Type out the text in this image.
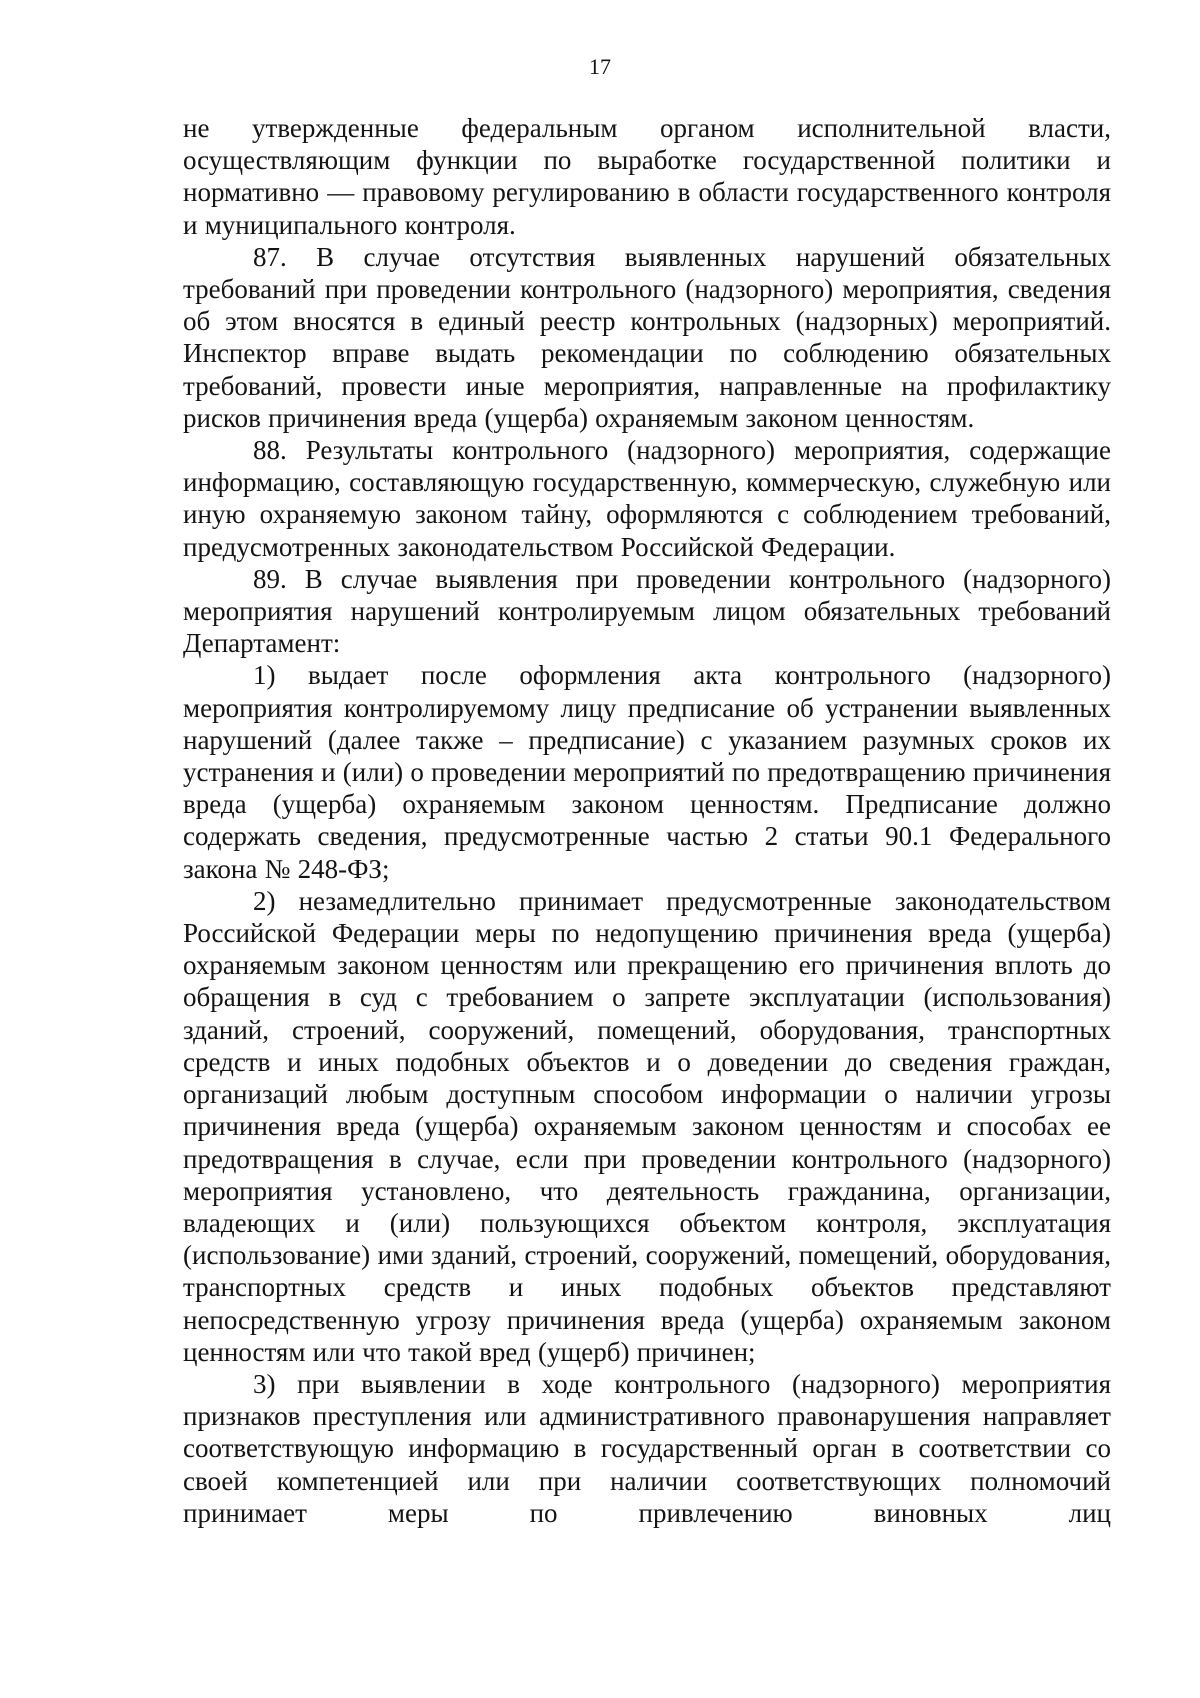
17

не утвержденные федеральным органом исполнительной власти, осуществляющим функции по выработке государственной политики и нормативно — правовому регулированию в области государственного контроля и муниципального контроля.

87. В случае отсутствия выявленных нарушений обязательных требований при проведении контрольного (надзорного) мероприятия, сведения об этом вносятся в единый реестр контрольных (надзорных) мероприятий. Инспектор вправе выдать рекомендации по соблюдению обязательных требований, провести иные мероприятия, направленные на профилактику рисков причинения вреда (ущерба) охраняемым законом ценностям.

88. Результаты контрольного (надзорного) мероприятия, содержащие информацию, составляющую государственную, коммерческую, служебную или иную охраняемую законом тайну, оформляются с соблюдением требований, предусмотренных законодательством Российской Федерации.

89. В случае выявления при проведении контрольного (надзорного) мероприятия нарушений контролируемым лицом обязательных требований Департамент:

1) выдает после оформления акта контрольного (надзорного) мероприятия контролируемому лицу предписание об устранении выявленных нарушений (далее также – предписание) с указанием разумных сроков их устранения и (или) о проведении мероприятий по предотвращению причинения вреда (ущерба) охраняемым законом ценностям. Предписание должно содержать сведения, предусмотренные частью 2 статьи 90.1 Федерального закона № 248-ФЗ;

2) незамедлительно принимает предусмотренные законодательством Российской Федерации меры по недопущению причинения вреда (ущерба) охраняемым законом ценностям или прекращению его причинения вплоть до обращения в суд с требованием о запрете эксплуатации (использования) зданий, строений, сооружений, помещений, оборудования, транспортных средств и иных подобных объектов и о доведении до сведения граждан, организаций любым доступным способом информации о наличии угрозы причинения вреда (ущерба) охраняемым законом ценностям и способах ее предотвращения в случае, если при проведении контрольного (надзорного) мероприятия установлено, что деятельность гражданина, организации, владеющих и (или) пользующихся объектом контроля, эксплуатация (использование) ими зданий, строений, сооружений, помещений, оборудования, транспортных средств и иных подобных объектов представляют непосредственную угрозу причинения вреда (ущерба) охраняемым законом ценностям или что такой вред (ущерб) причинен;

3) при выявлении в ходе контрольного (надзорного) мероприятия признаков преступления или административного правонарушения направляет соответствующую информацию в государственный орган в соответствии со своей компетенцией или при наличии соответствующих полномочий принимает меры по привлечению виновных лиц
